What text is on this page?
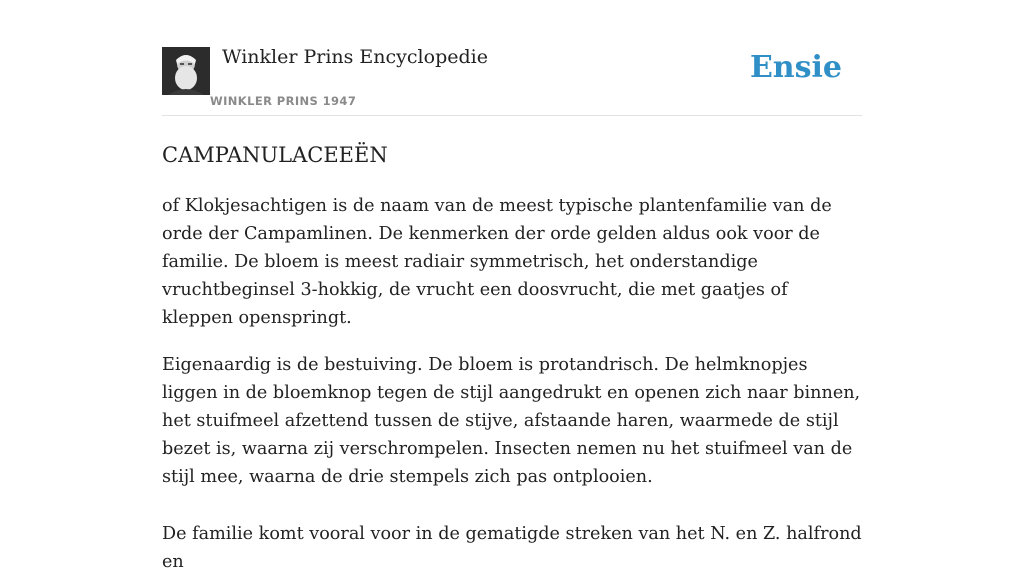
Winkler Prins Encyclopedie
WINKLER PRINS 1947
Ensie
CAMPANULACEEËN

of Klokjesachtigen is de naam van de meest typische plantenfamilie van de orde der Campamlinen. De kenmerken der orde gelden aldus ook voor de familie. De bloem is meest radiair symmetrisch, het onderstandige vruchtbeginsel 3-hokkig, de vrucht een doosvrucht, die met gaatjes of kleppen openspringt.

Eigenaardig is de bestuiving. De bloem is protandrisch. De helmknopjes liggen in de bloemknop tegen de stijl aangedrukt en openen zich naar binnen, het stuifmeel afzettend tussen de stijve, afstaande haren, waarmede de stijl bezet is, waarna zij verschrompelen. Insecten nemen nu het stuifmeel van de stijl mee, waarna de drie stempels zich pas ontplooien.

De familie komt vooral voor in de gematigde streken van het N. en Z. halfrond en
